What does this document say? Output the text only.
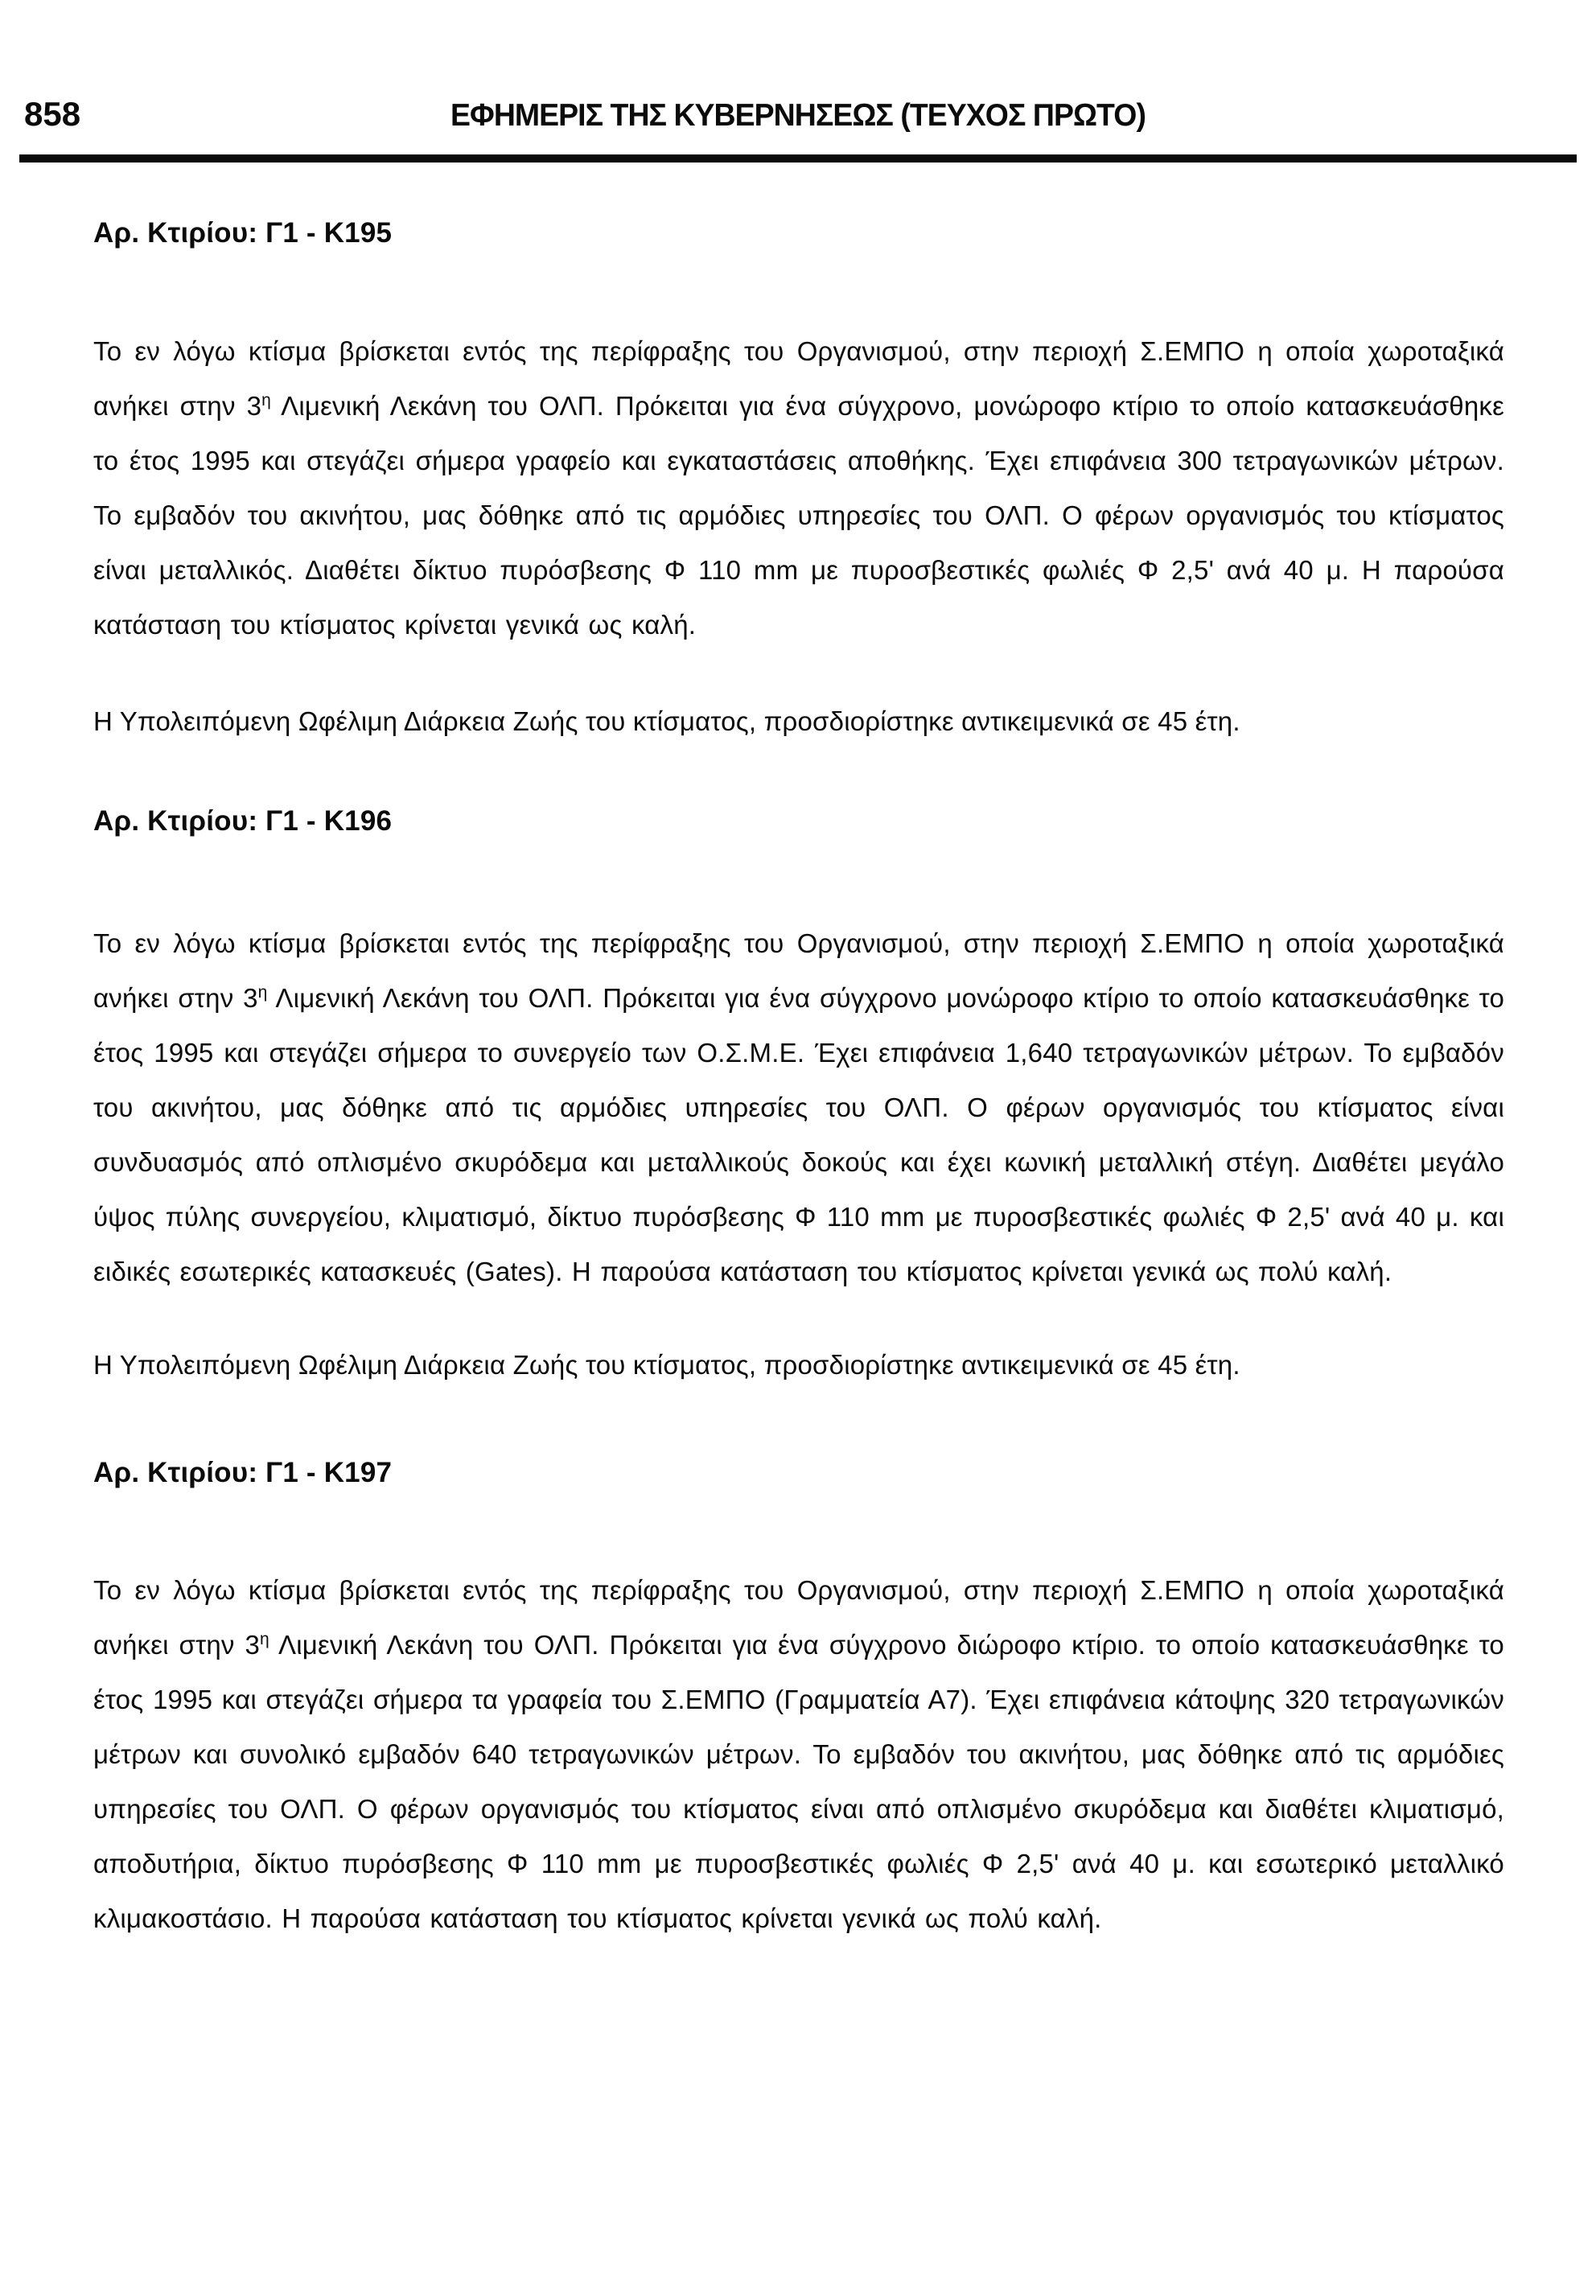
858	ΕΦΗΜΕΡΙΣ ΤΗΣ ΚΥΒΕΡΝΗΣΕΩΣ (ΤΕΥΧΟΣ ΠΡΩΤΟ)
Αρ. Κτιρίου: Γ1 - Κ195

Το εν λόγω κτίσμα βρίσκεται εντός της περίφραξης του Οργανισμού, στην περιοχή Σ.ΕΜΠΟ η οποία χωροταξικά ανήκει στην $3^\eta$ Λιμενική Λεκάνη του ΟΛΠ. Πρόκειται για ένα σύγχρονο, μονώροφο κτίριο το οποίο κατασκευάσθηκε το έτος 1995 και στεγάζει σήμερα γραφείο και εγκαταστάσεις αποθήκης. Έχει επιφάνεια 300 τετραγωνικών μέτρων. Το εμβαδόν του ακινήτου, μας δόθηκε από τις αρμόδιες υπηρεσίες του ΟΛΠ. Ο φέρων οργανισμός του κτίσματος είναι μεταλλικός. Διαθέτει δίκτυο πυρόσβεσης Φ 110 mm με πυροσβεστικές φωλιές Φ 2,5' ανά 40 μ. Η παρούσα κατάσταση του κτίσματος κρίνεται γενικά ως καλή.

Η Υπολειπόμενη Ωφέλιμη Διάρκεια Ζωής του κτίσματος, προσδιορίστηκε αντικειμενικά σε 45 έτη.

Αρ. Κτιρίου: Γ1 - Κ196

Το εν λόγω κτίσμα βρίσκεται εντός της περίφραξης του Οργανισμού, στην περιοχή Σ.ΕΜΠΟ η οποία χωροταξικά ανήκει στην $3^\eta$ Λιμενική Λεκάνη του ΟΛΠ. Πρόκειται για ένα σύγχρονο μονώροφο κτίριο το οποίο κατασκευάσθηκε το έτος 1995 και στεγάζει σήμερα το συνεργείο των Ο.Σ.Μ.Ε. Έχει επιφάνεια 1,640 τετραγωνικών μέτρων. Το εμβαδόν του ακινήτου, μας δόθηκε από τις αρμόδιες υπηρεσίες του ΟΛΠ. Ο φέρων οργανισμός του κτίσματος είναι συνδυασμός από οπλισμένο σκυρόδεμα και μεταλλικούς δοκούς και έχει κωνική μεταλλική στέγη. Διαθέτει μεγάλο ύψος πύλης συνεργείου, κλιματισμό, δίκτυο πυρόσβεσης Φ 110 mm με πυροσβεστικές φωλιές Φ 2,5' ανά 40 μ. και ειδικές εσωτερικές κατασκευές (Gates). Η παρούσα κατάσταση του κτίσματος κρίνεται γενικά ως πολύ καλή.

Η Υπολειπόμενη Ωφέλιμη Διάρκεια Ζωής του κτίσματος, προσδιορίστηκε αντικειμενικά σε 45 έτη.

Αρ. Κτιρίου: Γ1 - Κ197

Το εν λόγω κτίσμα βρίσκεται εντός της περίφραξης του Οργανισμού, στην περιοχή Σ.ΕΜΠΟ η οποία χωροταξικά ανήκει στην $3^\eta$ Λιμενική Λεκάνη του ΟΛΠ. Πρόκειται για ένα σύγχρονο διώροφο κτίριο. το οποίο κατασκευάσθηκε το έτος 1995 και στεγάζει σήμερα τα γραφεία του Σ.ΕΜΠΟ (Γραμματεία Α7). Έχει επιφάνεια κάτοψης 320 τετραγωνικών μέτρων και συνολικό εμβαδόν 640 τετραγωνικών μέτρων. Το εμβαδόν του ακινήτου, μας δόθηκε από τις αρμόδιες υπηρεσίες του ΟΛΠ. Ο φέρων οργανισμός του κτίσματος είναι από οπλισμένο σκυρόδεμα και διαθέτει κλιματισμό, αποδυτήρια, δίκτυο πυρόσβεσης Φ 110 mm με πυροσβεστικές φωλιές Φ 2,5' ανά 40 μ. και εσωτερικό μεταλλικό κλιμακοστάσιο. Η παρούσα κατάσταση του κτίσματος κρίνεται γενικά ως πολύ καλή.
